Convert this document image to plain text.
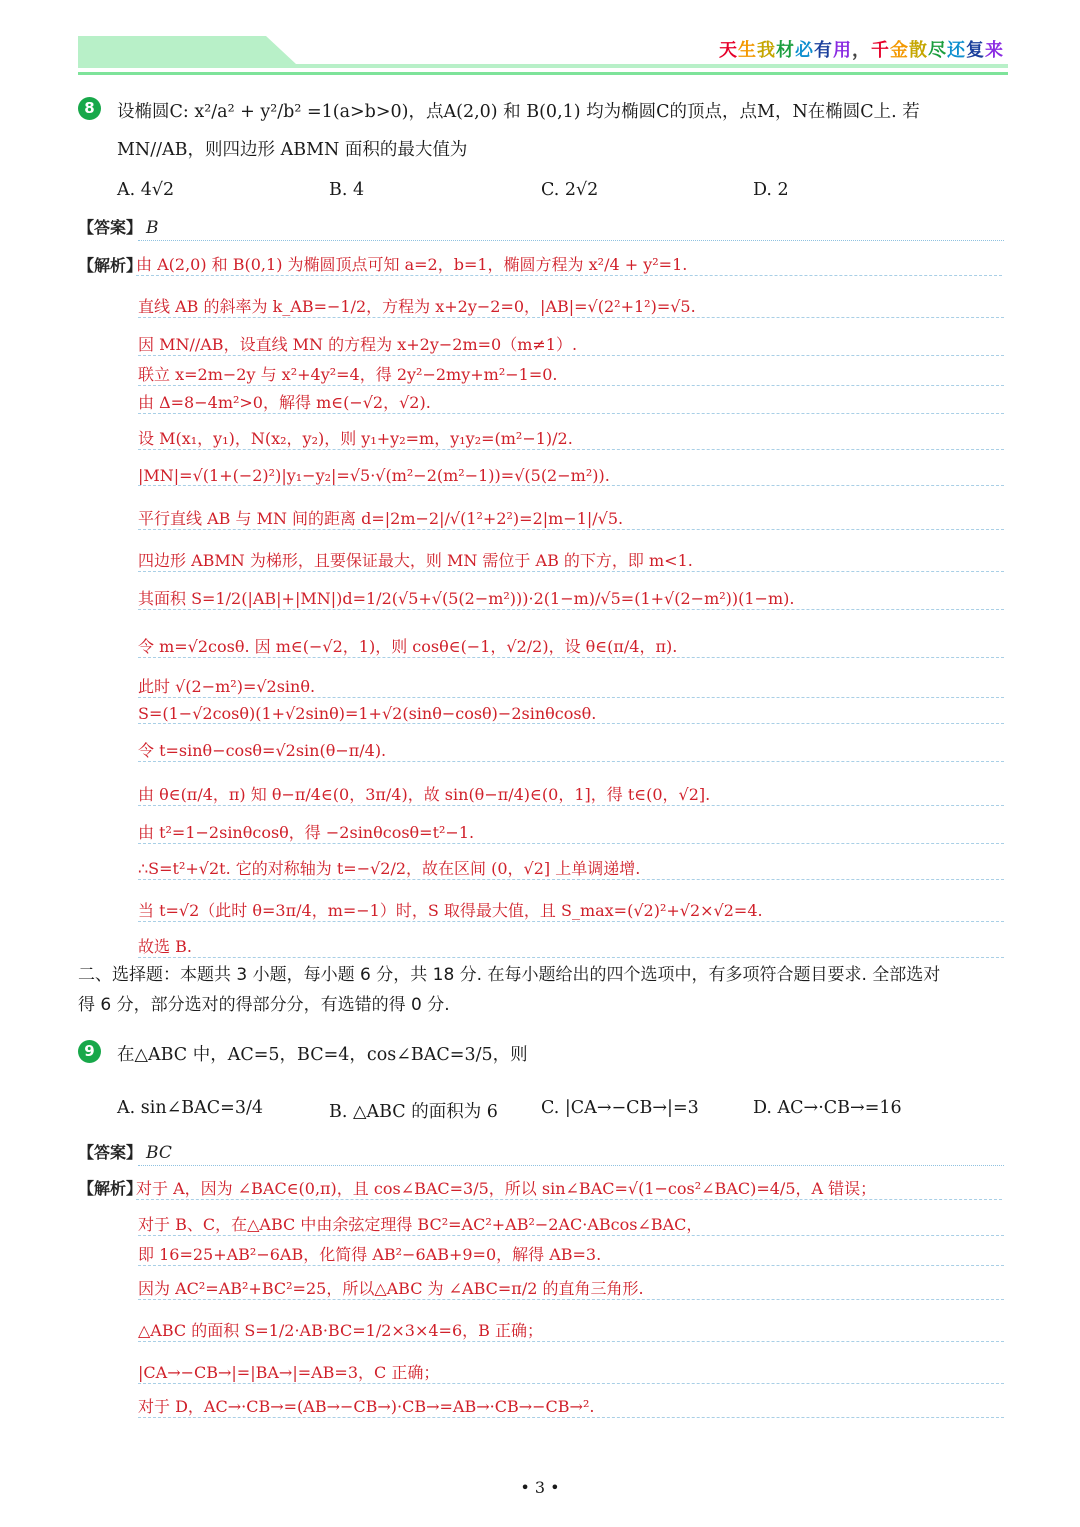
天生我材必有用，千金散尽还复来
8	设椭圆C: x²/a² + y²/b² =1(a>b>0)，点A(2,0) 和 B(0,1) 均为椭圆C的顶点，点M，N在椭圆C上. 若
MN//AB，则四边形 ABMN 面积的最大值为
A. 4√2	B. 4	C. 2√2	D. 2
【答案】 B
【解析】
由 A(2,0) 和 B(0,1) 为椭圆顶点可知 a=2，b=1，椭圆方程为 x²/4 + y²=1.
直线 AB 的斜率为 k_AB=−1/2，方程为 x+2y−2=0，|AB|=√(2²+1²)=√5.
因 MN//AB，设直线 MN 的方程为 x+2y−2m=0（m≠1）.
联立 x=2m−2y 与 x²+4y²=4，得 2y²−2my+m²−1=0.
由 Δ=8−4m²>0，解得 m∈(−√2，√2).
设 M(x₁，y₁)，N(x₂，y₂)，则 y₁+y₂=m，y₁y₂=(m²−1)/2.
|MN|=√(1+(−2)²)|y₁−y₂|=√5·√(m²−2(m²−1))=√(5(2−m²)).
平行直线 AB 与 MN 间的距离 d=|2m−2|/√(1²+2²)=2|m−1|/√5.
四边形 ABMN 为梯形，且要保证最大，则 MN 需位于 AB 的下方，即 m<1.
其面积 S=1/2(|AB|+|MN|)d=1/2(√5+√(5(2−m²)))·2(1−m)/√5=(1+√(2−m²))(1−m).
令 m=√2cosθ. 因 m∈(−√2，1)，则 cosθ∈(−1，√2/2)，设 θ∈(π/4，π).
此时 √(2−m²)=√2sinθ.
S=(1−√2cosθ)(1+√2sinθ)=1+√2(sinθ−cosθ)−2sinθcosθ.
令 t=sinθ−cosθ=√2sin(θ−π/4).
由 θ∈(π/4，π) 知 θ−π/4∈(0，3π/4)，故 sin(θ−π/4)∈(0，1]，得 t∈(0，√2].
由 t²=1−2sinθcosθ，得 −2sinθcosθ=t²−1.
∴S=t²+√2t. 它的对称轴为 t=−√2/2，故在区间 (0，√2] 上单调递增.
当 t=√2（此时 θ=3π/4，m=−1）时，S 取得最大值，且 S_max=(√2)²+√2×√2=4.
故选 B.
二、选择题：本题共 3 小题，每小题 6 分，共 18 分. 在每小题给出的四个选项中，有多项符合题目要求. 全部选对
得 6 分，部分选对的得部分分，有选错的得 0 分.
9	在△ABC 中，AC=5，BC=4，cos∠BAC=3/5，则
A. sin∠BAC=3/4	B. △ABC 的面积为 6 C. |CA→−CB→|=3	D. AC→·CB→=16
【答案】 BC
【解析】
对于 A，因为 ∠BAC∈(0,π)，且 cos∠BAC=3/5，所以 sin∠BAC=√(1−cos²∠BAC)=4/5，A 错误；
对于 B、C，在△ABC 中由余弦定理得 BC²=AC²+AB²−2AC·ABcos∠BAC，
即 16=25+AB²−6AB，化简得 AB²−6AB+9=0，解得 AB=3.
因为 AC²=AB²+BC²=25，所以△ABC 为 ∠ABC=π/2 的直角三角形.
△ABC 的面积 S=1/2·AB·BC=1/2×3×4=6，B 正确；
|CA→−CB→|=|BA→|=AB=3，C 正确；
对于 D，AC→·CB→=(AB→−CB→)·CB→=AB→·CB→−CB→².
• 3 •
